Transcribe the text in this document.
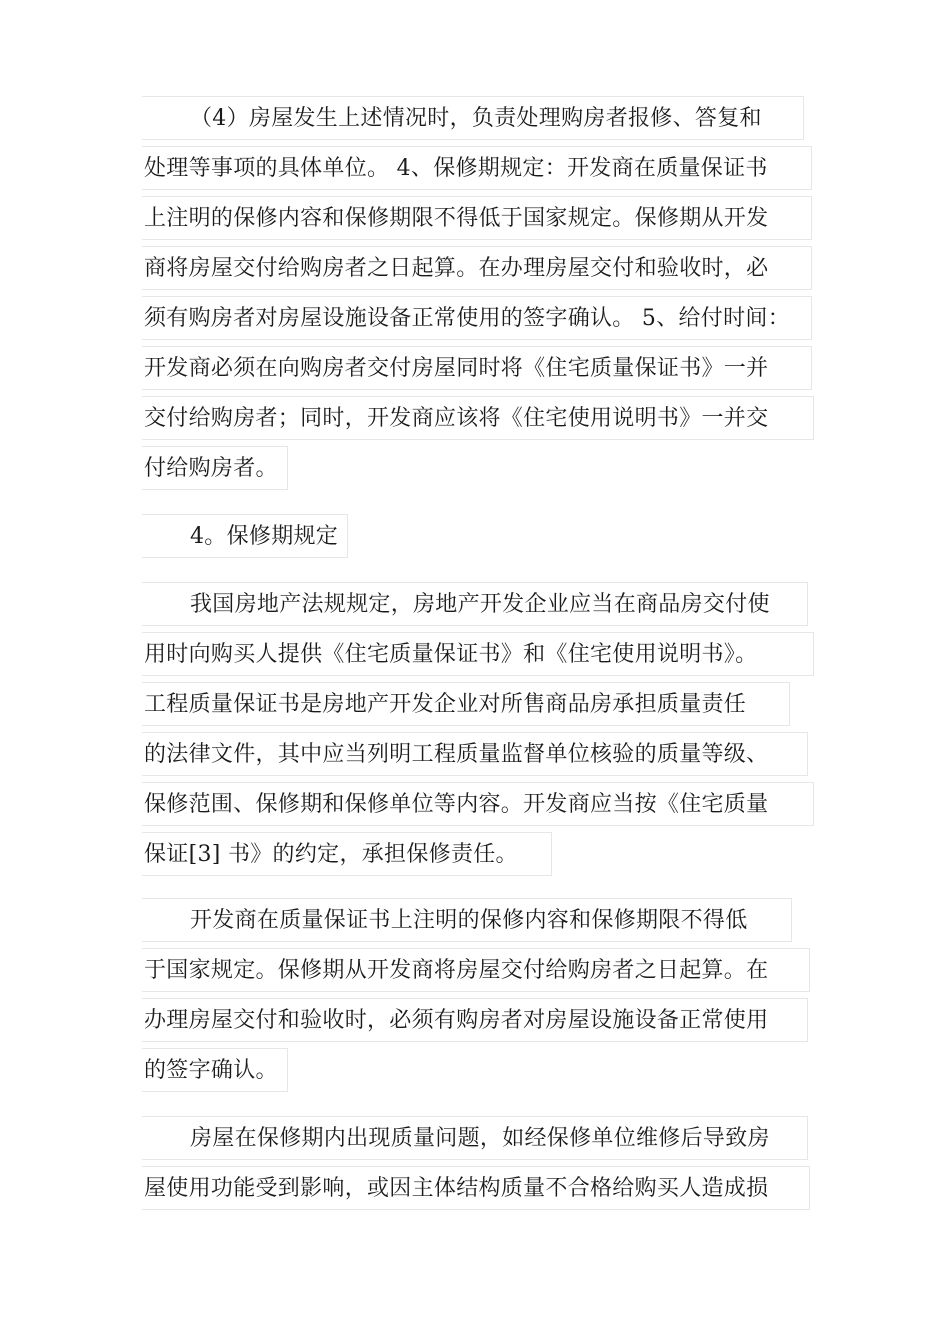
（4）房屋发生上述情况时，负责处理购房者报修、答复和
处理等事项的具体单位。 4、保修期规定：开发商在质量保证书
上注明的保修内容和保修期限不得低于国家规定。保修期从开发
商将房屋交付给购房者之日起算。在办理房屋交付和验收时，必
须有购房者对房屋设施设备正常使用的签字确认。 5、给付时间：
开发商必须在向购房者交付房屋同时将《住宅质量保证书》一并
交付给购房者；同时，开发商应该将《住宅使用说明书》一并交
付给购房者。
4。保修期规定
我国房地产法规规定，房地产开发企业应当在商品房交付使
用时向购买人提供《住宅质量保证书》和《住宅使用说明书》。
工程质量保证书是房地产开发企业对所售商品房承担质量责任
的法律文件，其中应当列明工程质量监督单位核验的质量等级、
保修范围、保修期和保修单位等内容。开发商应当按《住宅质量
保证[3] 书》的约定，承担保修责任。
开发商在质量保证书上注明的保修内容和保修期限不得低
于国家规定。保修期从开发商将房屋交付给购房者之日起算。在
办理房屋交付和验收时，必须有购房者对房屋设施设备正常使用
的签字确认。
房屋在保修期内出现质量问题，如经保修单位维修后导致房
屋使用功能受到影响，或因主体结构质量不合格给购买人造成损
